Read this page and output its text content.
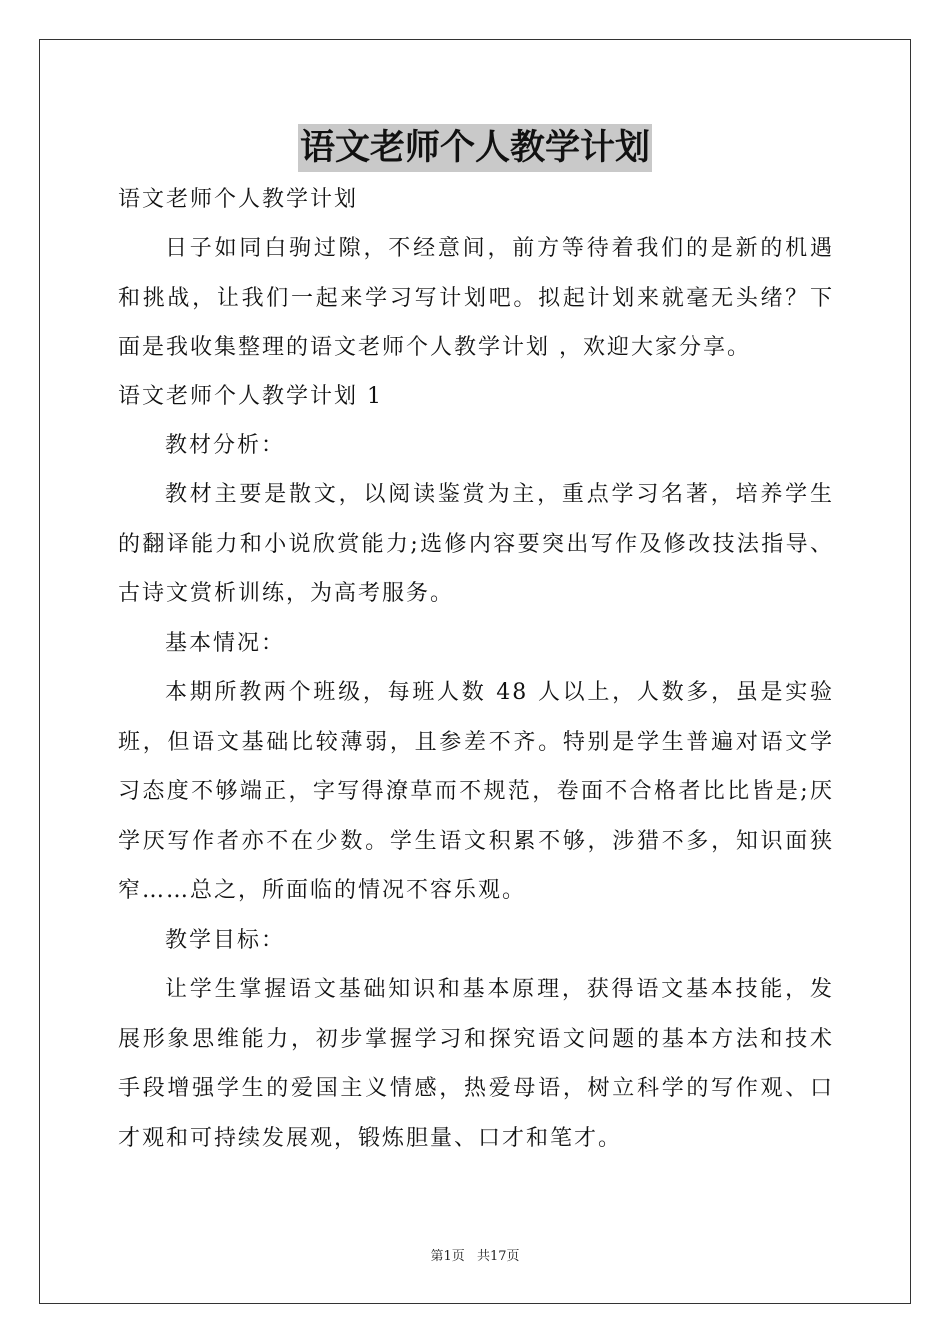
语文老师个人教学计划
语文老师个人教学计划

日子如同白驹过隙，不经意间，前方等待着我们的是新的机遇和挑战，让我们一起来学习写计划吧。拟起计划来就毫无头绪？下面是我收集整理的语文老师个人教学计划 ，欢迎大家分享。

语文老师个人教学计划 1

教材分析：

教材主要是散文，以阅读鉴赏为主，重点学习名著，培养学生的翻译能力和小说欣赏能力;选修内容要突出写作及修改技法指导、古诗文赏析训练，为高考服务。

基本情况：

本期所教两个班级，每班人数 48 人以上，人数多，虽是实验班，但语文基础比较薄弱，且参差不齐。特别是学生普遍对语文学习态度不够端正，字写得潦草而不规范，卷面不合格者比比皆是;厌学厌写作者亦不在少数。学生语文积累不够，涉猎不多，知识面狭窄……总之，所面临的情况不容乐观。

教学目标：

让学生掌握语文基础知识和基本原理，获得语文基本技能，发展形象思维能力，初步掌握学习和探究语文问题的基本方法和技术手段增强学生的爱国主义情感，热爱母语，树立科学的写作观、口才观和可持续发展观，锻炼胆量、口才和笔才。

第1页 共17页
